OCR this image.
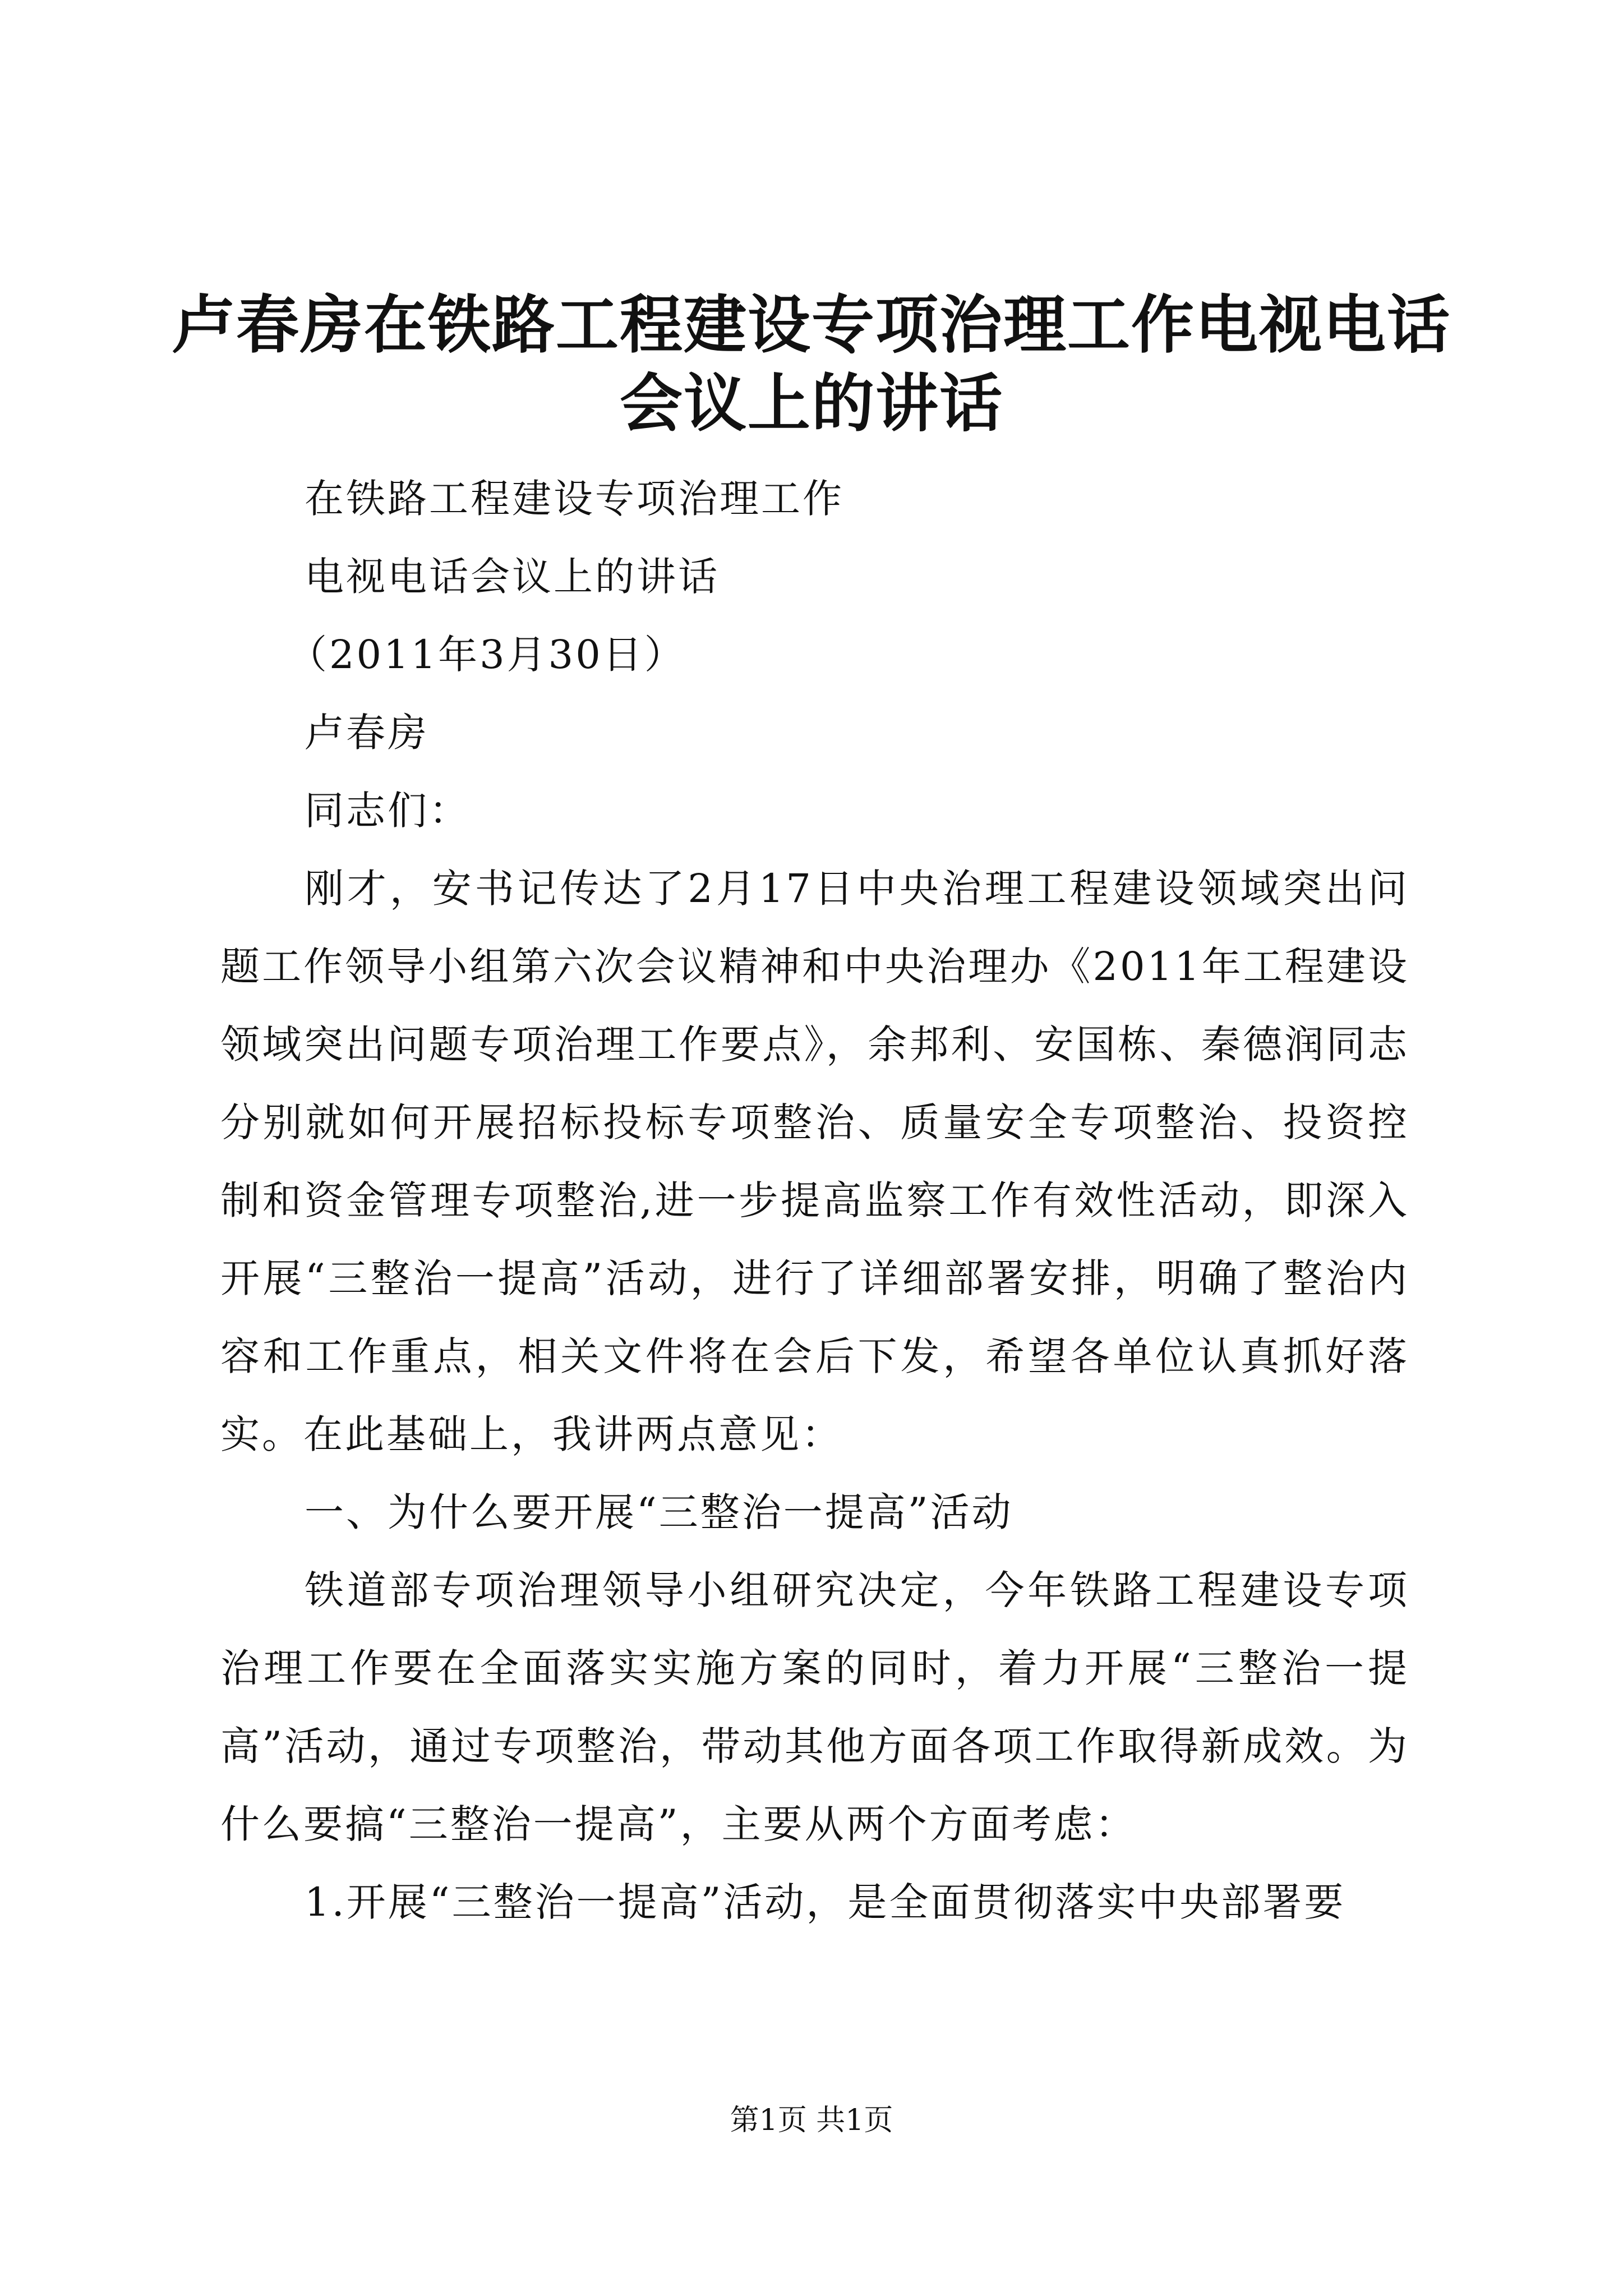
卢春房在铁路工程建设专项治理工作电视电话
会议上的讲话

在铁路工程建设专项治理工作

电视电话会议上的讲话

（2011年3月30日）

卢春房

同志们：

刚才，安书记传达了2月17日中央治理工程建设领域突出问题工作领导小组第六次会议精神和中央治理办《2011年工程建设领域突出问题专项治理工作要点》，余邦利、安国栋、秦德润同志分别就如何开展招标投标专项整治、质量安全专项整治、投资控制和资金管理专项整治,进一步提高监察工作有效性活动，即深入开展“三整治一提高”活动，进行了详细部署安排，明确了整治内容和工作重点，相关文件将在会后下发，希望各单位认真抓好落实。在此基础上，我讲两点意见：

一、为什么要开展“三整治一提高”活动

铁道部专项治理领导小组研究决定，今年铁路工程建设专项治理工作要在全面落实实施方案的同时，着力开展“三整治一提高”活动，通过专项整治，带动其他方面各项工作取得新成效。为什么要搞“三整治一提高”，主要从两个方面考虑：

1.开展“三整治一提高”活动，是全面贯彻落实中央部署要

第1页 共1页
